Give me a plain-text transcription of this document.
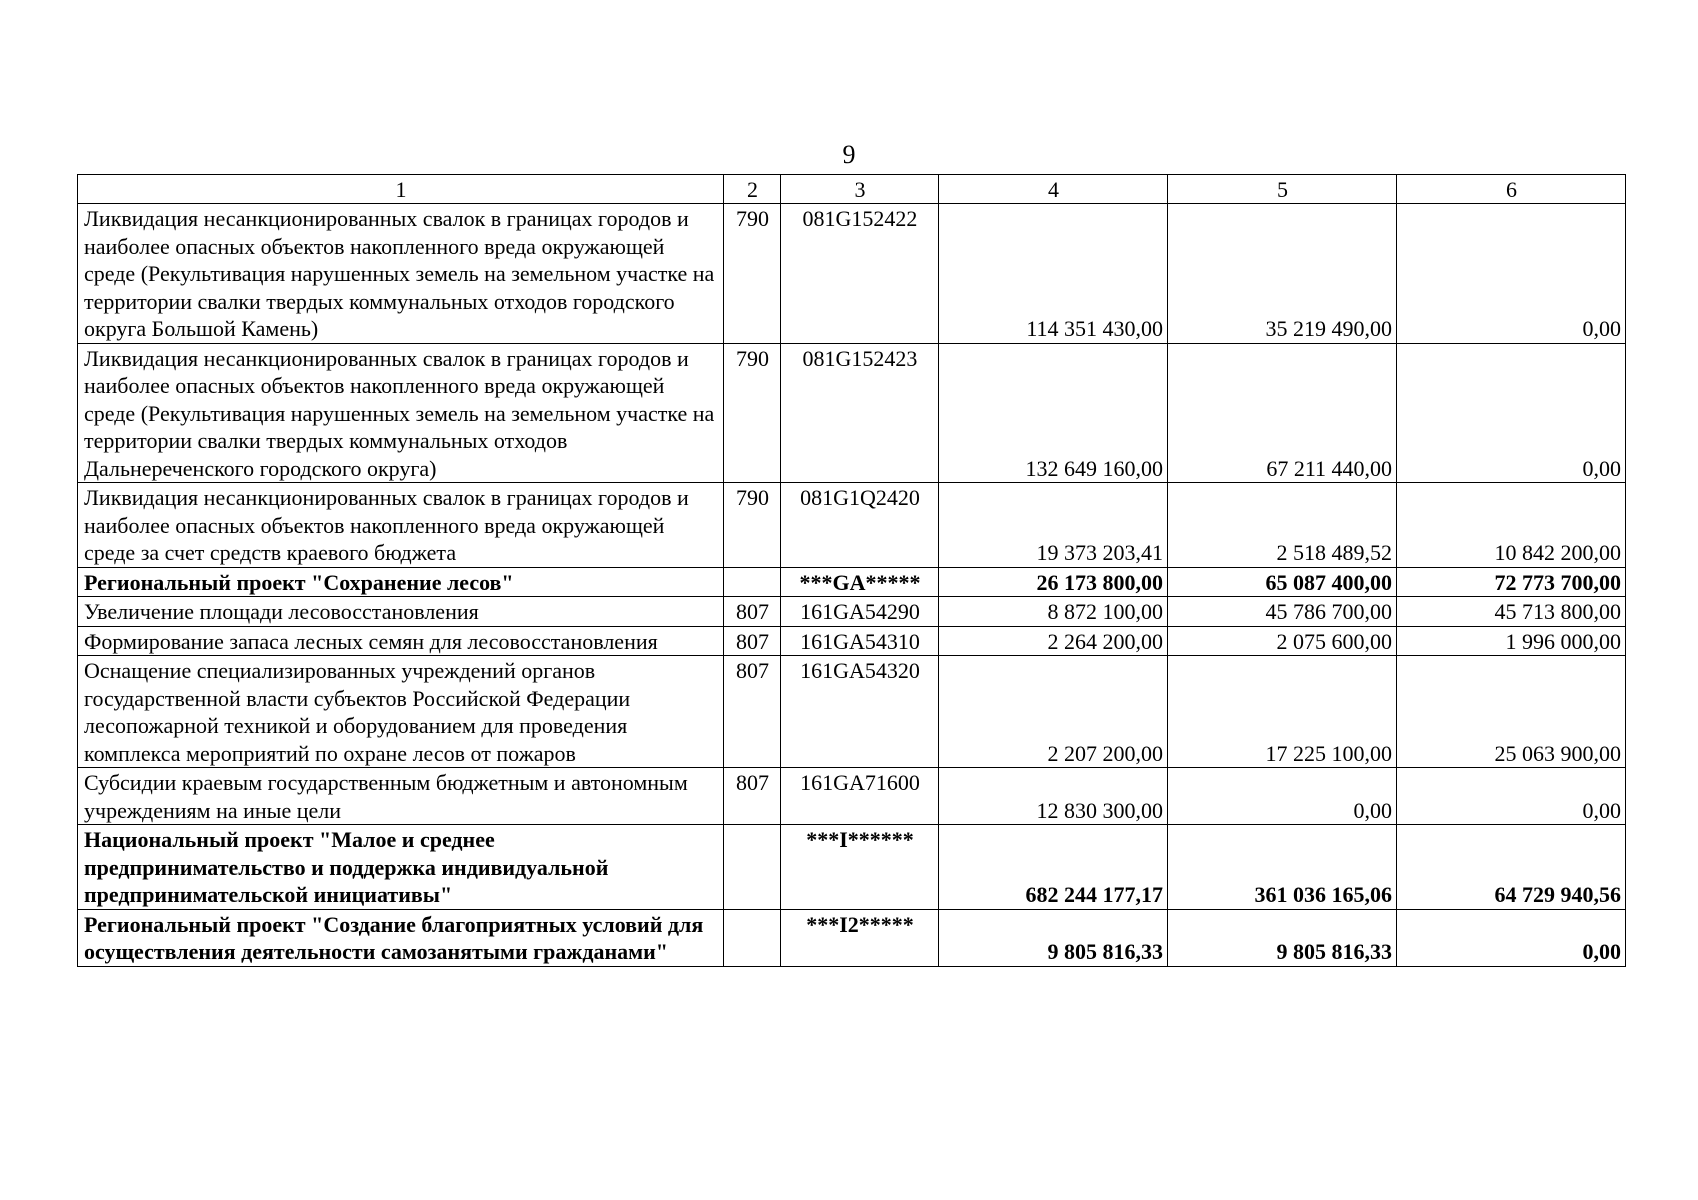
9
1	2	3	4	5	6
Ликвидация несанкционированных свалок в границах городов и наиболее опасных объектов накопленного вреда окружающей среде (Рекультивация нарушенных земель на земельном участке на территории свалки твердых коммунальных отходов городского округа Большой Камень)	790	081G152422	114 351 430,00	35 219 490,00	0,00
Ликвидация несанкционированных свалок в границах городов и наиболее опасных объектов накопленного вреда окружающей среде (Рекультивация нарушенных земель на земельном участке на территории свалки твердых коммунальных отходов Дальнереченского городского округа)	790	081G152423	132 649 160,00	67 211 440,00	0,00
Ликвидация несанкционированных свалок в границах городов и наиболее опасных объектов накопленного вреда окружающей среде за счет средств краевого бюджета	790	081G1Q2420	19 373 203,41	2 518 489,52	10 842 200,00
Региональный проект "Сохранение лесов"		***GA*****	26 173 800,00	65 087 400,00	72 773 700,00
Увеличение площади лесовосстановления	807	161GA54290	8 872 100,00	45 786 700,00	45 713 800,00
Формирование запаса лесных семян для лесовосстановления	807	161GA54310	2 264 200,00	2 075 600,00	1 996 000,00
Оснащение специализированных учреждений органов государственной власти субъектов Российской Федерации лесопожарной техникой и оборудованием для проведения комплекса мероприятий по охране лесов от пожаров	807	161GA54320	2 207 200,00	17 225 100,00	25 063 900,00
Субсидии краевым государственным бюджетным и автономным учреждениям на иные цели	807	161GA71600	12 830 300,00	0,00	0,00
Национальный проект "Малое и среднее предпринимательство и поддержка индивидуальной предпринимательской инициативы"		***I******	682 244 177,17	361 036 165,06	64 729 940,56
Региональный проект "Создание благоприятных условий для осуществления деятельности самозанятыми гражданами"		***I2*****	9 805 816,33	9 805 816,33	0,00
